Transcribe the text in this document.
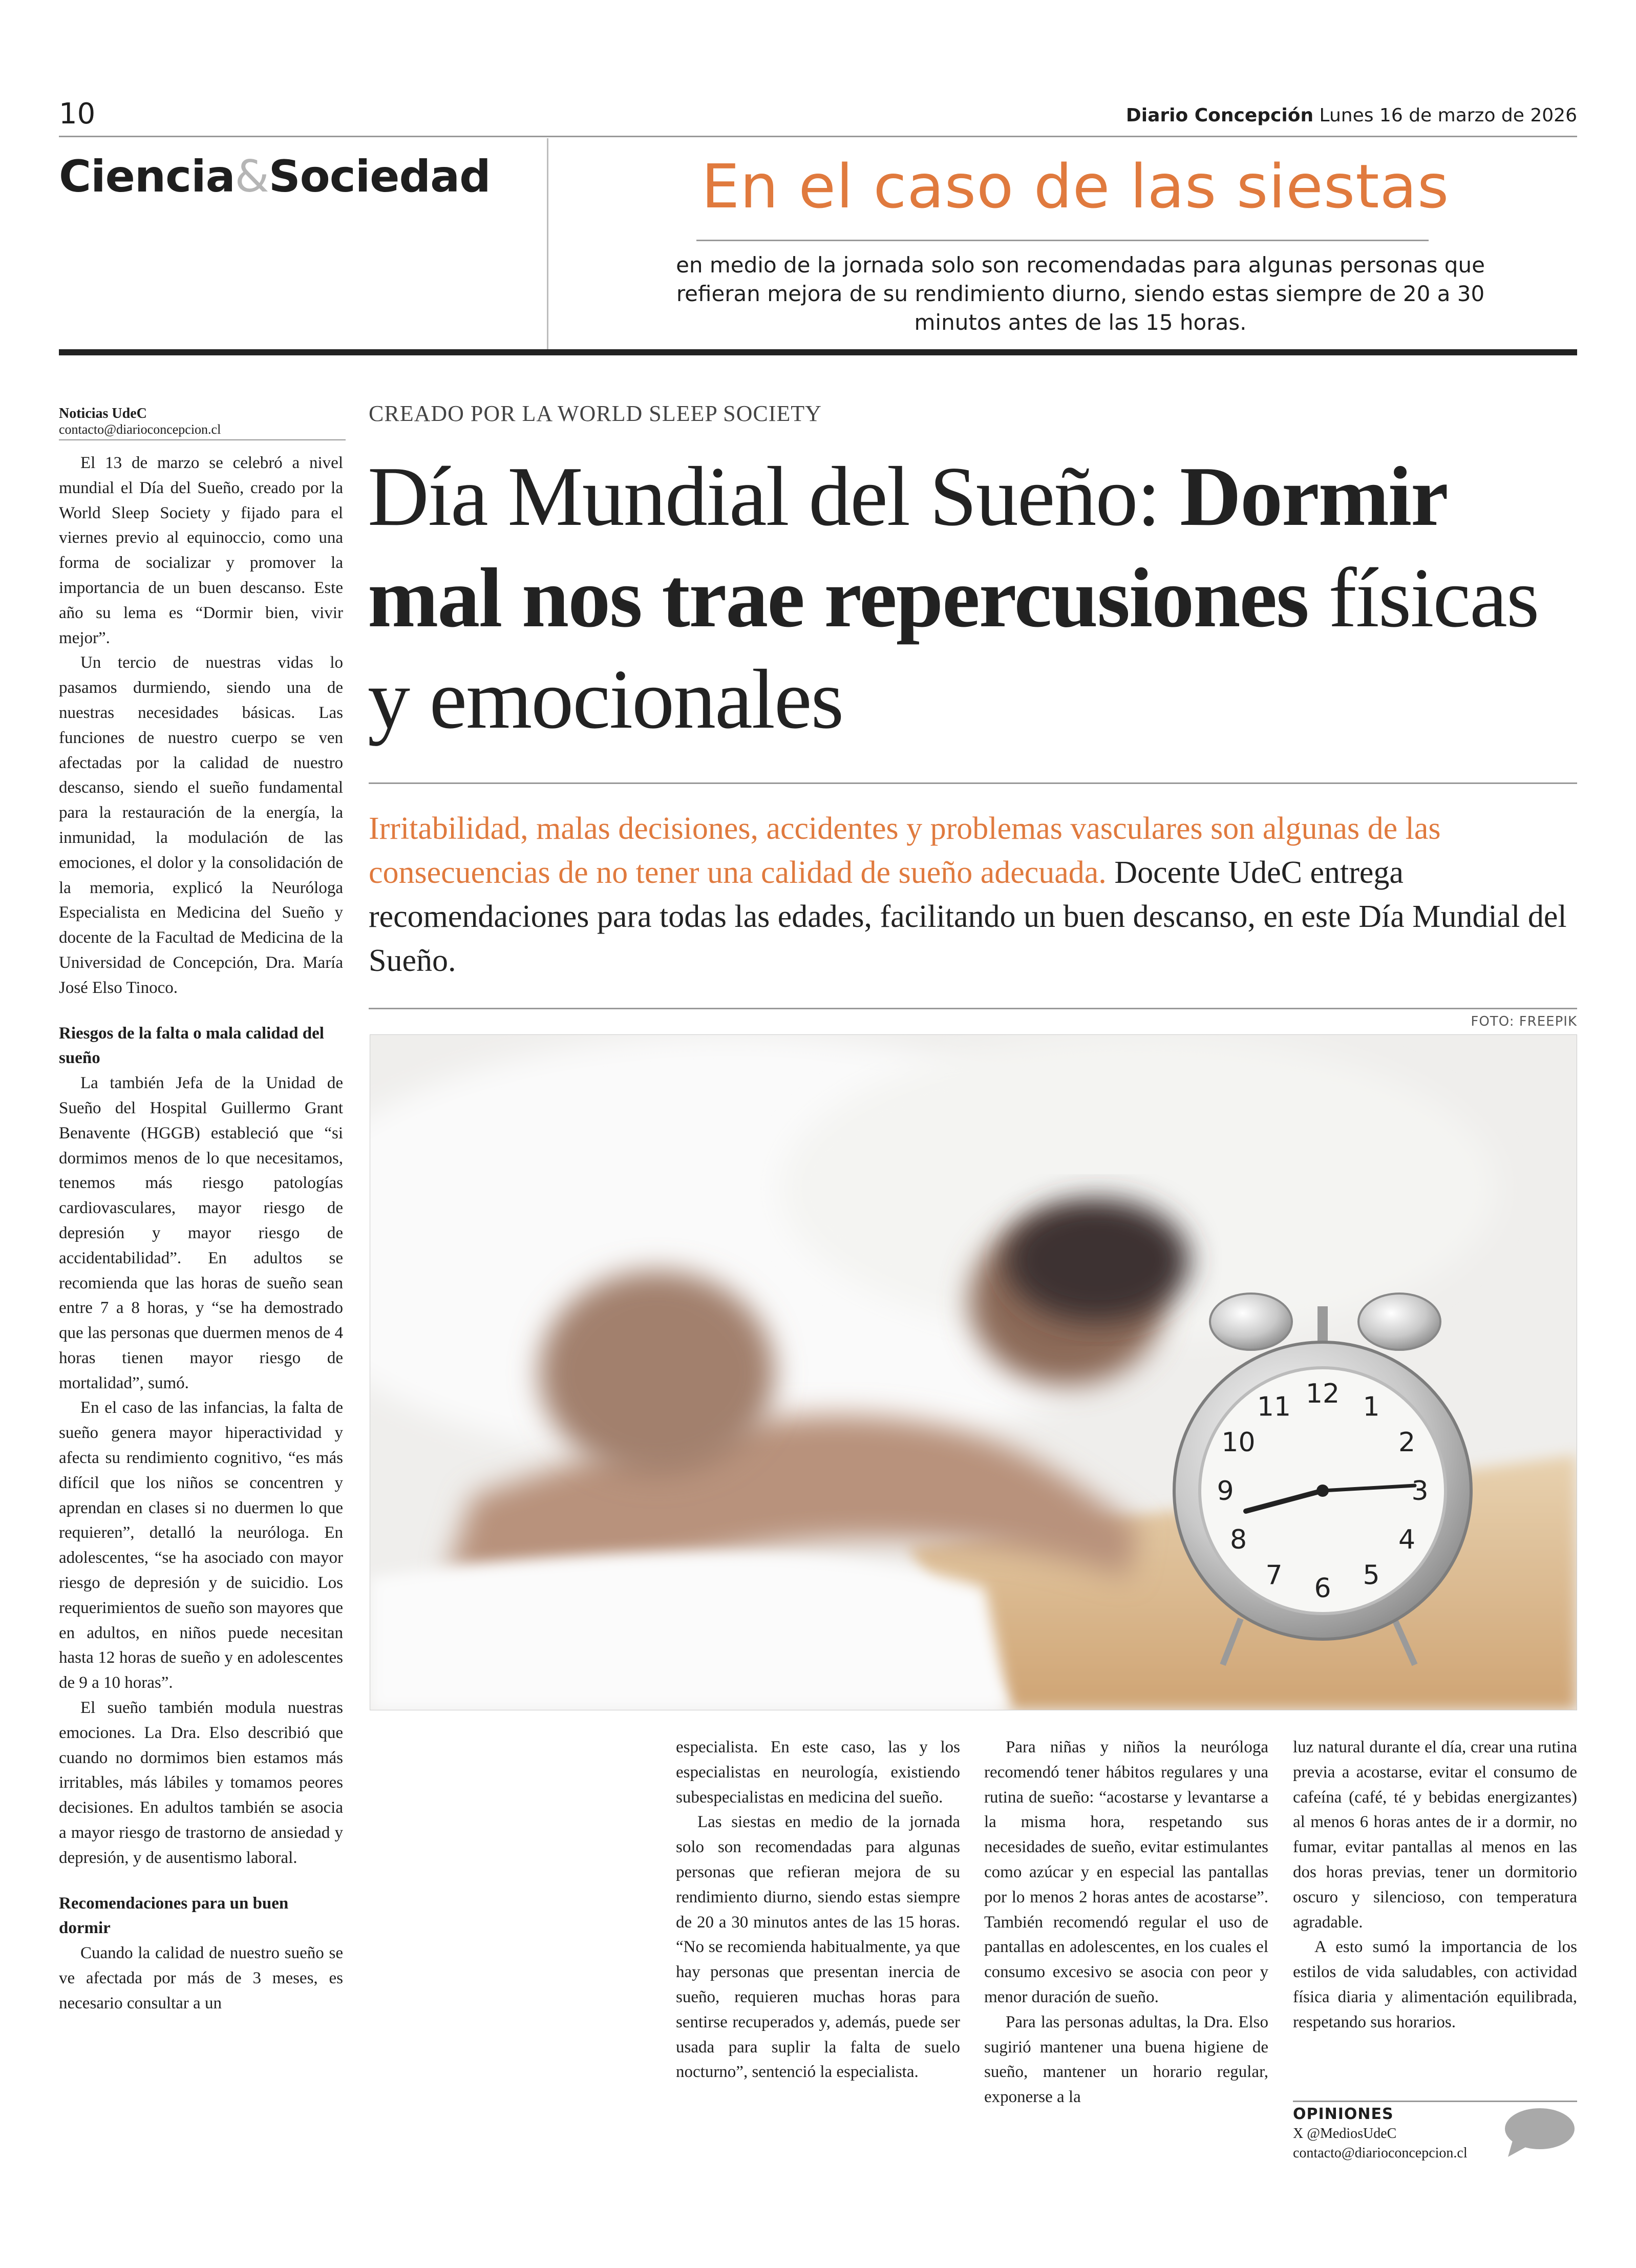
10	Diario Concepción Lunes 16 de marzo de 2026
Ciencia&Sociedad	En el caso de las siestas
en medio de la jornada solo son recomendadas para algunas personas que refieran mejora de su rendimiento diurno, siendo estas siempre de 20 a 30 minutos antes de las 15 horas.
Noticias UdeC
contacto@diarioconcepcion.cl

El 13 de marzo se celebró a nivel mundial el Día del Sueño, creado por la World Sleep Society y fijado para el viernes previo al equinoccio, como una forma de socializar y promover la importancia de un buen descanso. Este año su lema es “Dormir bien, vivir mejor”.

Un tercio de nuestras vidas lo pasamos durmiendo, siendo una de nuestras necesidades básicas. Las funciones de nuestro cuerpo se ven afectadas por la calidad de nuestro descanso, siendo el sueño fundamental para la restauración de la energía, la inmunidad, la modulación de las emociones, el dolor y la consolidación de la memoria, explicó la Neuróloga Especialista en Medicina del Sueño y docente de la Facultad de Medicina de la Universidad de Concepción, Dra. María José Elso Tinoco.

Riesgos de la falta o mala calidad del sueño

La también Jefa de la Unidad de Sueño del Hospital Guillermo Grant Benavente (HGGB) estableció que “si dormimos menos de lo que necesitamos, tenemos más riesgo patologías cardiovasculares, mayor riesgo de depresión y mayor riesgo de accidentabilidad”. En adultos se recomienda que las horas de sueño sean entre 7 a 8 horas, y “se ha demostrado que las personas que duermen menos de 4 horas tienen mayor riesgo de mortalidad”, sumó.

En el caso de las infancias, la falta de sueño genera mayor hiperactividad y afecta su rendimiento cognitivo, “es más difícil que los niños se concentren y aprendan en clases si no duermen lo que requieren”, detalló la neuróloga. En adolescentes, “se ha asociado con mayor riesgo de depresión y de suicidio. Los requerimientos de sueño son mayores que en adultos, en niños puede necesitan hasta 12 horas de sueño y en adolescentes de 9 a 10 horas”.

El sueño también modula nuestras emociones. La Dra. Elso describió que cuando no dormimos bien estamos más irritables, más lábiles y tomamos peores decisiones. En adultos también se asocia a mayor riesgo de trastorno de ansiedad y depresión, y de ausentismo laboral.

Recomendaciones para un buen dormir

Cuando la calidad de nuestro sueño se ve afectada por más de 3 meses, es necesario consultar a un

CREADO POR LA WORLD SLEEP SOCIETY
Día Mundial del Sueño: Dormir mal nos trae repercusiones físicas y emocionales
Irritabilidad, malas decisiones, accidentes y problemas vasculares son algunas de las consecuencias de no tener una calidad de sueño adecuada. Docente UdeC entrega recomendaciones para todas las edades, facilitando un buen descanso, en este Día Mundial del Sueño.
FOTO: FREEPIK
12 1
2
3
4
5
6
7
8
9
10
11

especialista. En este caso, las y los especialistas en neurología, existiendo subespecialistas en medicina del sueño.

Las siestas en medio de la jornada solo son recomendadas para algunas personas que refieran mejora de su rendimiento diurno, siendo estas siempre de 20 a 30 minutos antes de las 15 horas. “No se recomienda habitualmente, ya que hay personas que presentan inercia de sueño, requieren muchas horas para sentirse recuperados y, además, puede ser usada para suplir la falta de suelo nocturno”, sentenció la especialista.

Para niñas y niños la neuróloga recomendó tener hábitos regulares y una rutina de sueño: “acostarse y levantarse a la misma hora, respetando sus necesidades de sueño, evitar estimulantes como azúcar y en especial las pantallas por lo menos 2 horas antes de acostarse”. También recomendó regular el uso de pantallas en adolescentes, en los cuales el consumo excesivo se asocia con peor y menor duración de sueño.

Para las personas adultas, la Dra. Elso sugirió mantener una buena higiene de sueño, mantener un horario regular, exponerse a la

luz natural durante el día, crear una rutina previa a acostarse, evitar el consumo de cafeína (café, té y bebidas energizantes) al menos 6 horas antes de ir a dormir, no fumar, evitar pantallas al menos en las dos horas previas, tener un dormitorio oscuro y silencioso, con temperatura agradable.

A esto sumó la importancia de los estilos de vida saludables, con actividad física diaria y alimentación equilibrada, respetando sus horarios.

OPINIONES
X @MediosUdeC
contacto@diarioconcepcion.cl
